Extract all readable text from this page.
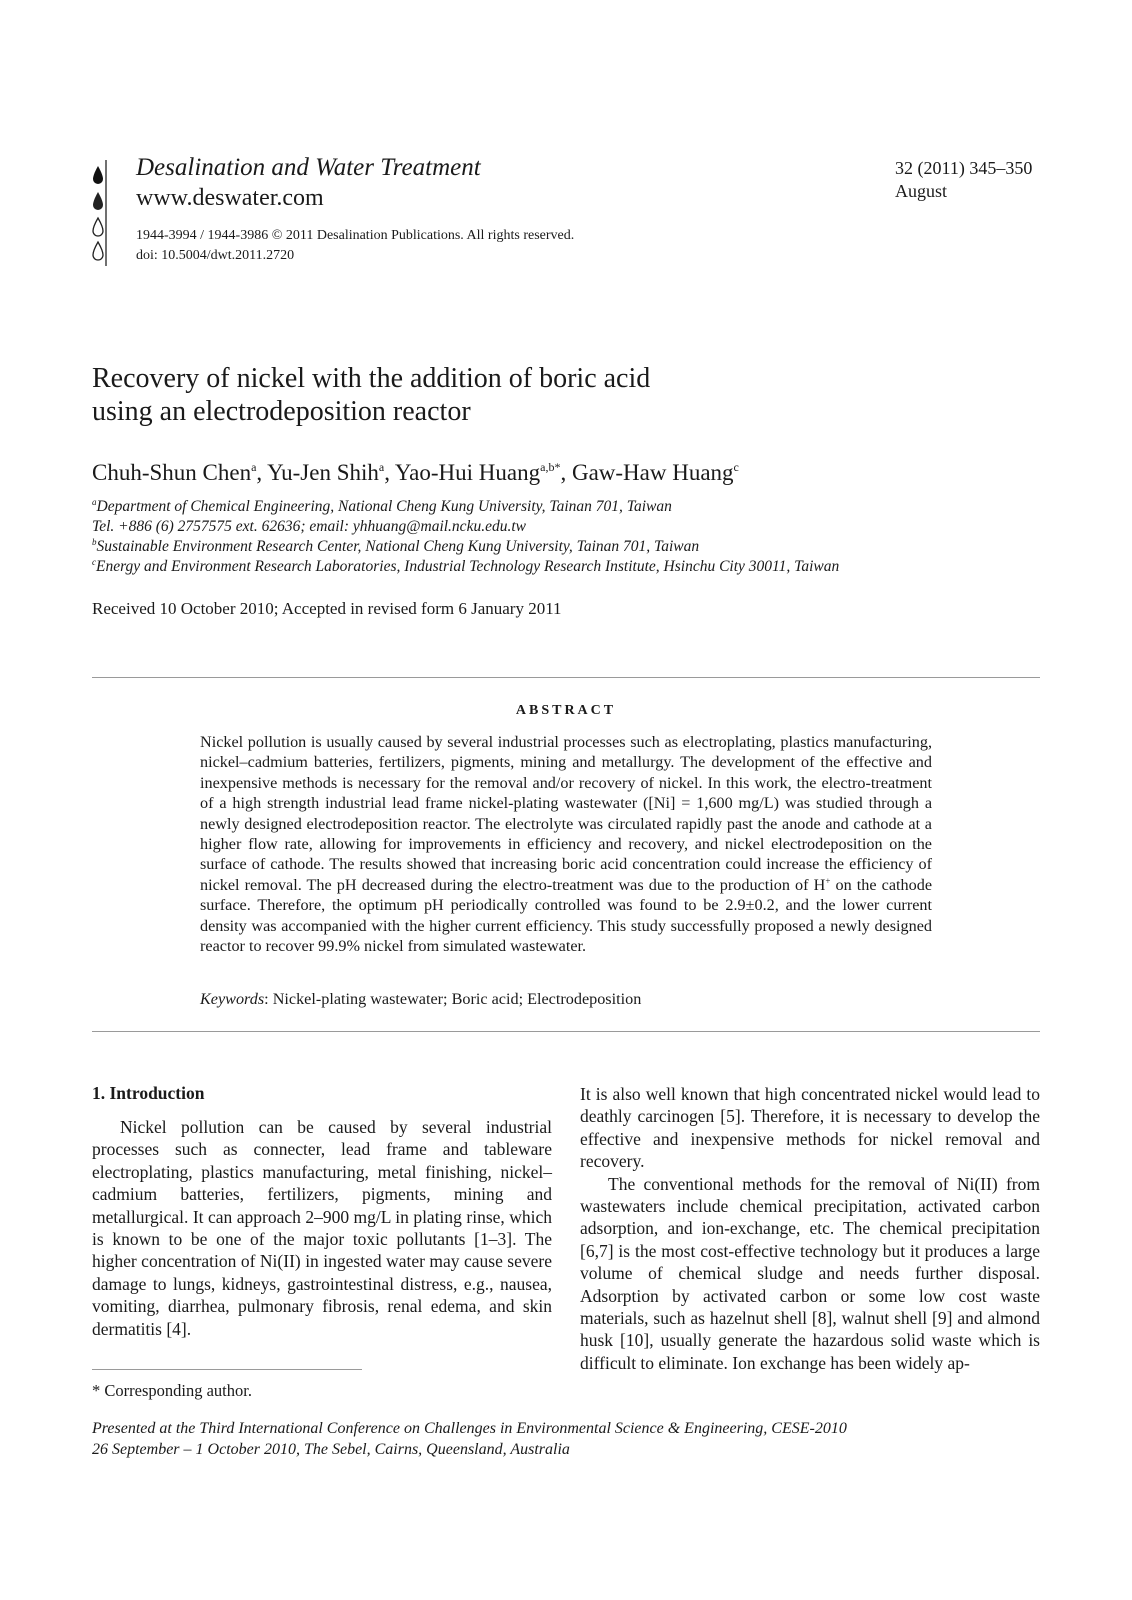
Desalination and Water Treatment
www.deswater.com
1944-3994 / 1944-3986 © 2011 Desalination Publications. All rights reserved.
doi: 10.5004/dwt.2011.2720
32 (2011) 345–350
August
Recovery of nickel with the addition of boric acid
using an electrodeposition reactor
Chuh-Shun Chen$^a$, Yu-Jen Shih$^a$, Yao-Hui Huang$^{a,b*}$, Gaw-Haw Huang$^c$
$^a$Department of Chemical Engineering, National Cheng Kung University, Tainan 701, Taiwan
Tel. +886 (6) 2757575 ext. 62636; email: yhhuang@mail.ncku.edu.tw
$^b$Sustainable Environment Research Center, National Cheng Kung University, Tainan 701, Taiwan
$^c$Energy and Environment Research Laboratories, Industrial Technology Research Institute, Hsinchu City 30011, Taiwan
Received 10 October 2010; Accepted in revised form 6 January 2011
ABSTRACT
Nickel pollution is usually caused by several industrial processes such as electroplating, plastics manufacturing, nickel–cadmium batteries, fertilizers, pigments, mining and metallurgy. The development of the effective and inexpensive methods is necessary for the removal and/or recovery of nickel. In this work, the electro-treatment of a high strength industrial lead frame nickel-plating wastewater ([Ni] = 1,600 mg/L) was studied through a newly designed electrodeposition reactor. The electrolyte was circulated rapidly past the anode and cathode at a higher flow rate, allowing for improvements in efficiency and recovery, and nickel electrodeposition on the surface of cathode. The results showed that increasing boric acid concentration could increase the efficiency of nickel removal. The pH decreased during the electro-treatment was due to the production of H+ on the cathode surface. Therefore, the optimum pH periodically controlled was found to be 2.9±0.2, and the lower current density was accompanied with the higher current efficiency. This study successfully proposed a newly designed reactor to recover 99.9% nickel from simulated wastewater.
Keywords: Nickel-plating wastewater; Boric acid; Electrodeposition
1. Introduction

Nickel pollution can be caused by several industrial processes such as connecter, lead frame and tableware electroplating, plastics manufacturing, metal finishing, nickel–cadmium batteries, fertilizers, pigments, mining and metallurgical. It can approach 2–900 mg/L in plating rinse, which is known to be one of the major toxic pollutants [1–3]. The higher concentration of Ni(II) in ingested water may cause severe damage to lungs, kidneys, gastrointestinal distress, e.g., nausea, vomiting, diarrhea, pulmonary fibrosis, renal edema, and skin dermatitis [4].

It is also well known that high concentrated nickel would lead to deathly carcinogen [5]. Therefore, it is necessary to develop the effective and inexpensive methods for nickel removal and recovery.

The conventional methods for the removal of Ni(II) from wastewaters include chemical precipitation, activated carbon adsorption, and ion-exchange, etc. The chemical precipitation [6,7] is the most cost-effective technology but it produces a large volume of chemical sludge and needs further disposal. Adsorption by activated carbon or some low cost waste materials, such as hazelnut shell [8], walnut shell [9] and almond husk [10], usually generate the hazardous solid waste which is difficult to eliminate. Ion exchange has been widely ap-

* Corresponding author.
Presented at the Third International Conference on Challenges in Environmental Science & Engineering, CESE-2010
26 September – 1 October 2010, The Sebel, Cairns, Queensland, Australia
